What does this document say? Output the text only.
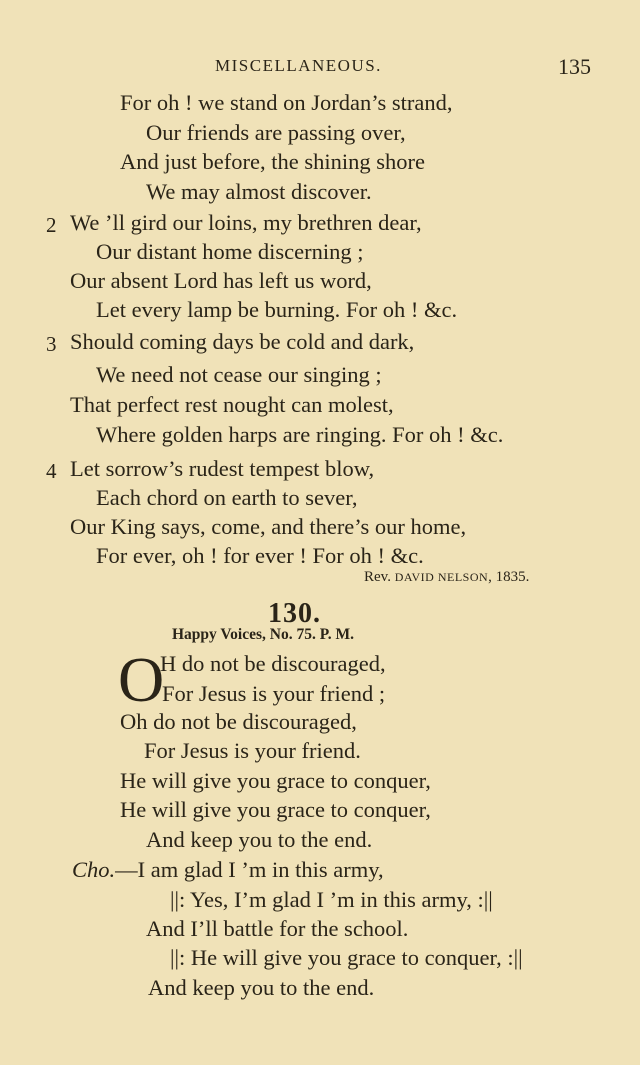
MISCELLANEOUS.	135
For oh ! we stand on Jordan’s strand,
Our friends are passing over,
And just before, the shining shore
We may almost discover.
2 We ’ll gird our loins, my brethren dear,
Our distant home discerning ;
Our absent Lord has left us word,
Let every lamp be burning. For oh ! &c.
3 Should coming days be cold and dark,
We need not cease our singing ;
That perfect rest nought can molest,
Where golden harps are ringing. For oh ! &c.
4 Let sorrow’s rudest tempest blow,
Each chord on earth to sever,
Our King says, come, and there’s our home,
For ever, oh ! for ever ! For oh ! &c.
Rev. DAVID NELSON, 1835.
130.
Happy Voices, No. 75. P. M.
O
H do not be discouraged,
For Jesus is your friend ;
Oh do not be discouraged,
For Jesus is your friend.
He will give you grace to conquer,
He will give you grace to conquer,
And keep you to the end.
Cho.—I am glad I ’m in this army,
||: Yes, I’m glad I ’m in this army, :||
And I’ll battle for the school.
||: He will give you grace to conquer, :||
And keep you to the end.
